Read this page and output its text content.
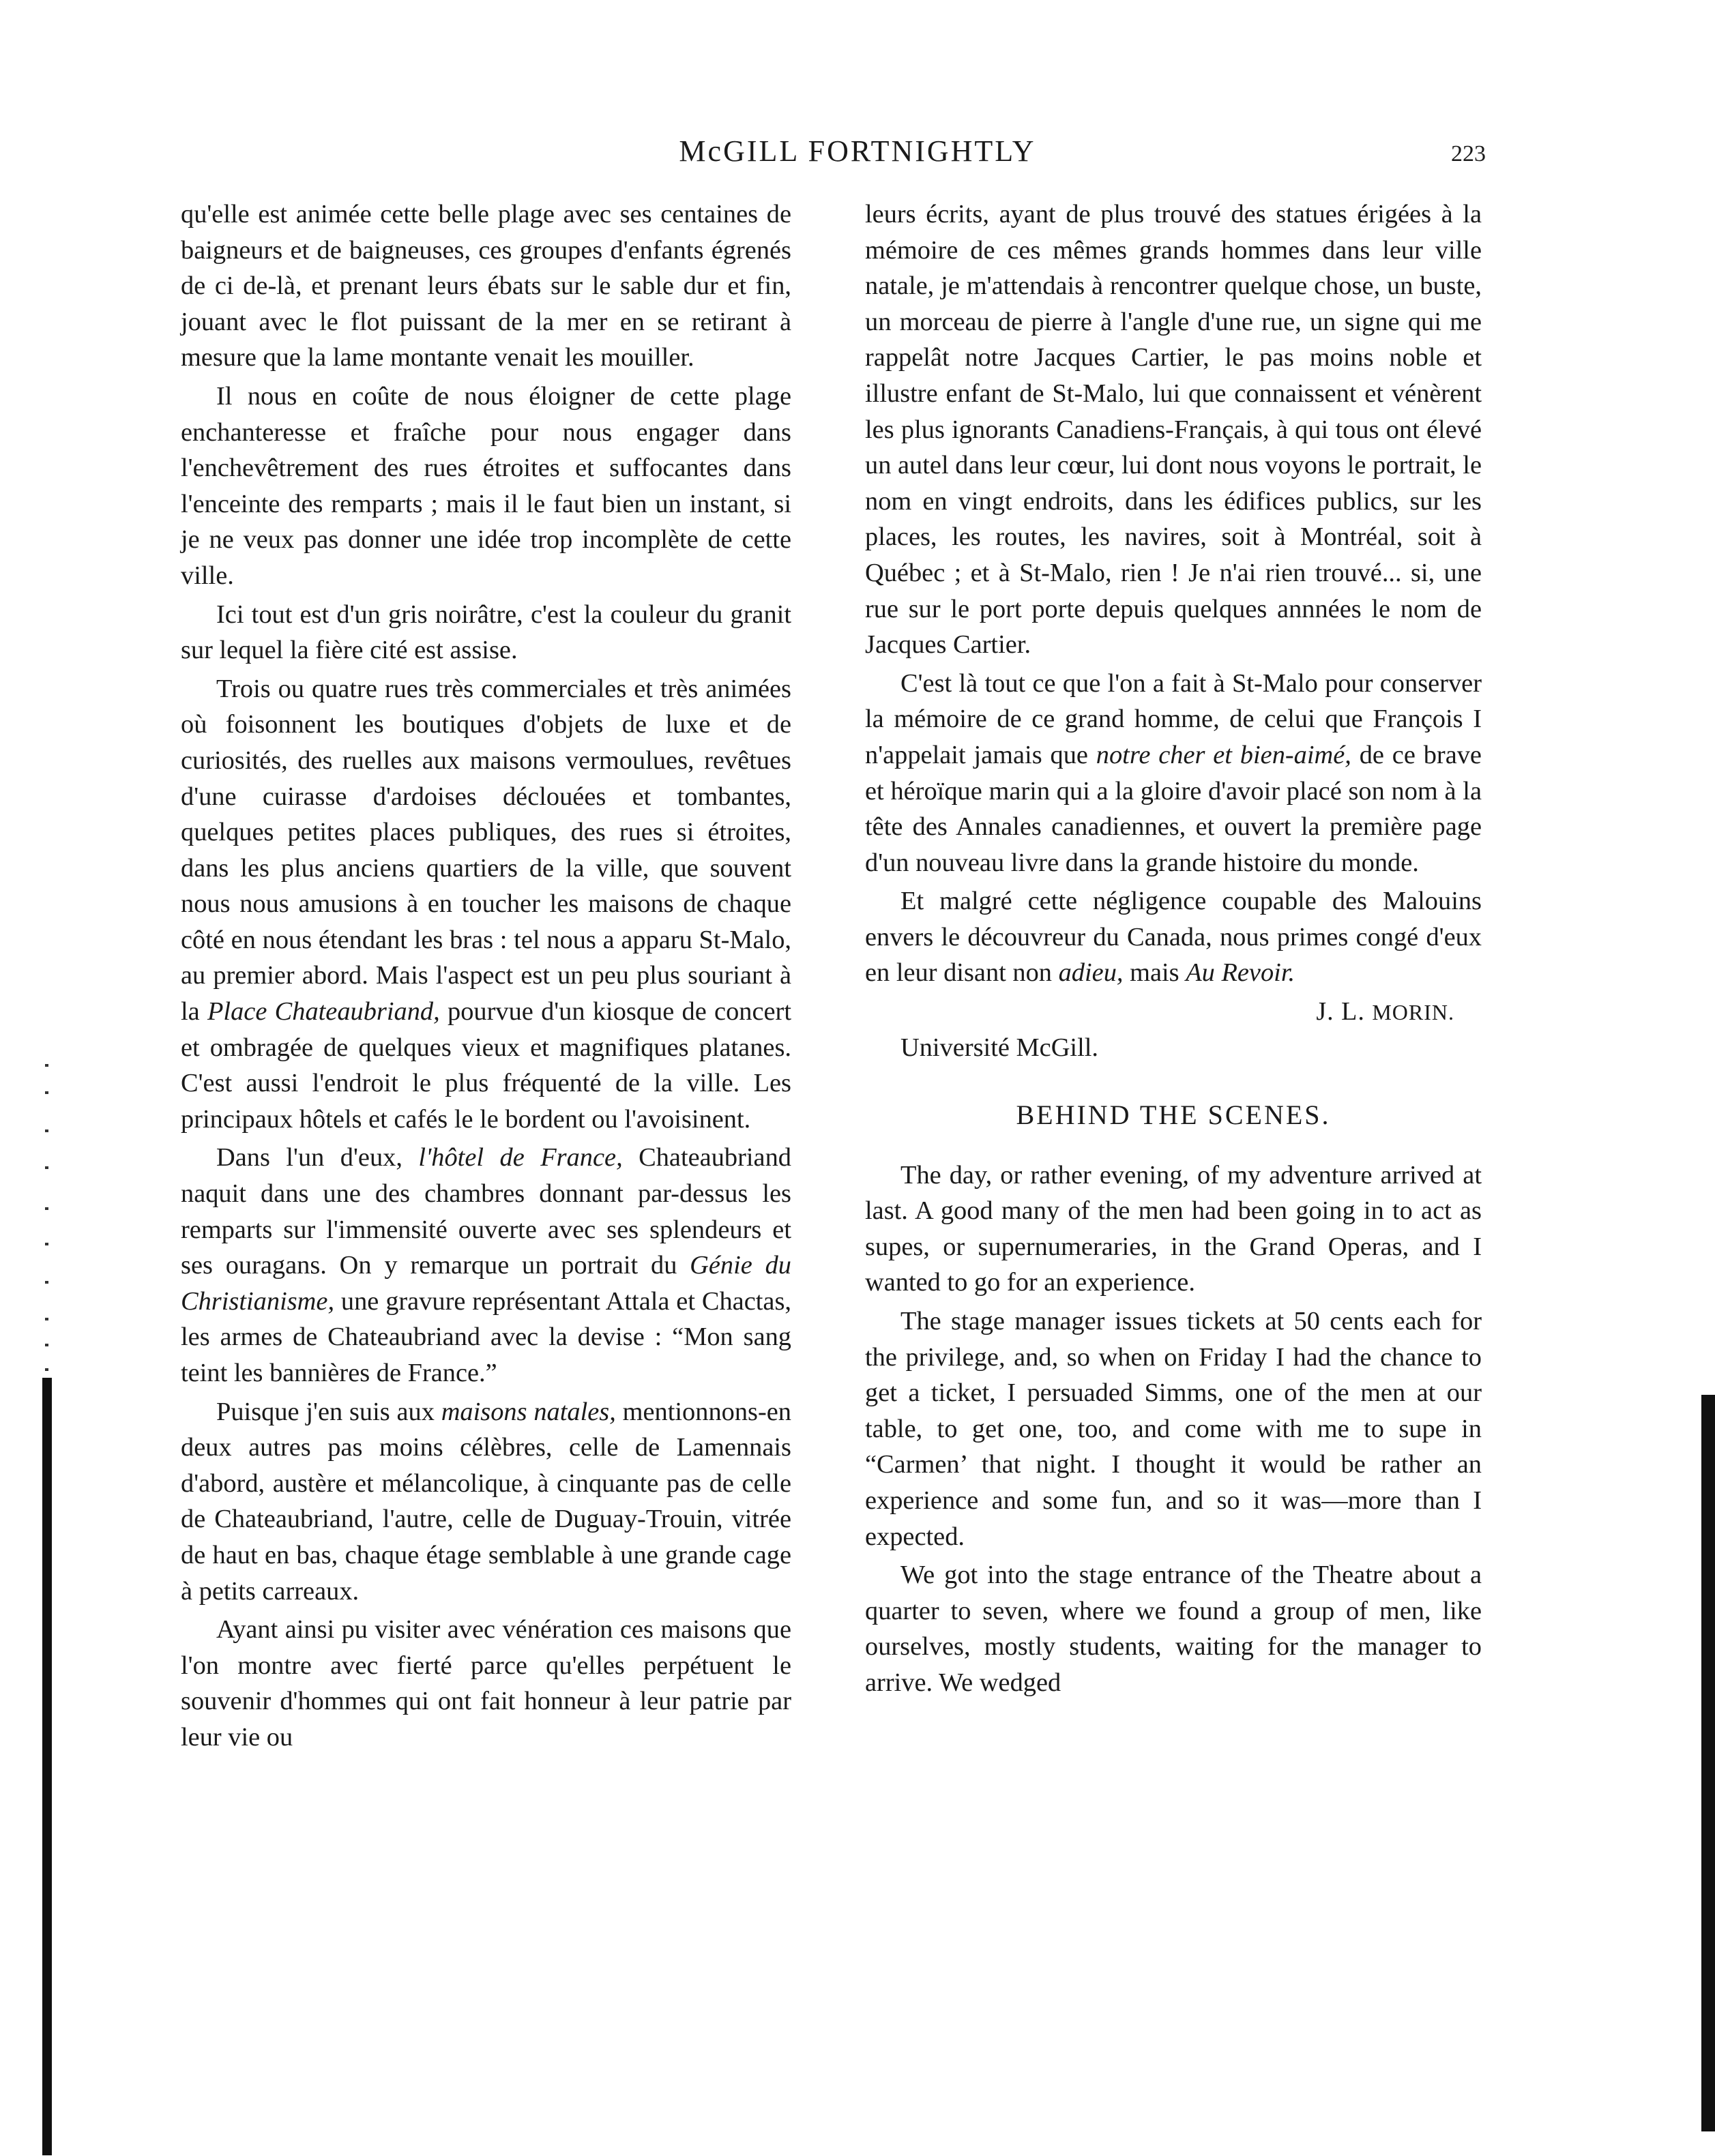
McGILL FORTNIGHTLY	223

qu'elle est animée cette belle plage avec ses centaines de baigneurs et de baigneuses, ces groupes d'enfants égrenés de ci de-là, et prenant leurs ébats sur le sable dur et fin, jouant avec le flot puissant de la mer en se retirant à mesure que la lame montante venait les mouiller.

Il nous en coûte de nous éloigner de cette plage enchanteresse et fraîche pour nous engager dans l'enchevêtrement des rues étroites et suffocantes dans l'enceinte des remparts ; mais il le faut bien un instant, si je ne veux pas donner une idée trop incomplète de cette ville.

Ici tout est d'un gris noirâtre, c'est la couleur du granit sur lequel la fière cité est assise.

Trois ou quatre rues très commerciales et très animées où foisonnent les boutiques d'objets de luxe et de curiosités, des ruelles aux maisons vermoulues, revêtues d'une cuirasse d'ardoises déclouées et tombantes, quelques petites places publiques, des rues si étroites, dans les plus anciens quartiers de la ville, que souvent nous nous amusions à en toucher les maisons de chaque côté en nous étendant les bras : tel nous a apparu St-Malo, au premier abord. Mais l'aspect est un peu plus souriant à la Place Chateaubriand, pourvue d'un kiosque de concert et ombragée de quelques vieux et magnifiques platanes. C'est aussi l'endroit le plus fréquenté de la ville. Les principaux hôtels et cafés le le bordent ou l'avoisinent.

Dans l'un d'eux, l'hôtel de France, Chateaubriand naquit dans une des chambres donnant par-dessus les remparts sur l'immensité ouverte avec ses splendeurs et ses ouragans. On y remarque un portrait du Génie du Christianisme, une gravure représentant Attala et Chactas, les armes de Chateaubriand avec la devise : “Mon sang teint les bannières de France.”

Puisque j'en suis aux maisons natales, mentionnons-en deux autres pas moins célèbres, celle de Lamennais d'abord, austère et mélancolique, à cinquante pas de celle de Chateaubriand, l'autre, celle de Duguay-Trouin, vitrée de haut en bas, chaque étage semblable à une grande cage à petits carreaux.

Ayant ainsi pu visiter avec vénération ces maisons que l'on montre avec fierté parce qu'elles perpétuent le souvenir d'hommes qui ont fait honneur à leur patrie par leur vie ou

leurs écrits, ayant de plus trouvé des statues érigées à la mémoire de ces mêmes grands hommes dans leur ville natale, je m'attendais à rencontrer quelque chose, un buste, un morceau de pierre à l'angle d'une rue, un signe qui me rappelât notre Jacques Cartier, le pas moins noble et illustre enfant de St-Malo, lui que connaissent et vénèrent les plus ignorants Canadiens-Français, à qui tous ont élevé un autel dans leur cœur, lui dont nous voyons le portrait, le nom en vingt endroits, dans les édifices publics, sur les places, les routes, les navires, soit à Montréal, soit à Québec ; et à St-Malo, rien ! Je n'ai rien trouvé... si, une rue sur le port porte depuis quelques annnées le nom de Jacques Cartier.

C'est là tout ce que l'on a fait à St-Malo pour conserver la mémoire de ce grand homme, de celui que François I n'appelait jamais que notre cher et bien-aimé, de ce brave et héroïque marin qui a la gloire d'avoir placé son nom à la tête des Annales canadiennes, et ouvert la première page d'un nouveau livre dans la grande histoire du monde.

Et malgré cette négligence coupable des Malouins envers le découvreur du Canada, nous primes congé d'eux en leur disant non adieu, mais Au Revoir.

J. L. MORIN.
Université McGill.
BEHIND THE SCENES.

The day, or rather evening, of my adventure arrived at last. A good many of the men had been going in to act as supes, or supernumeraries, in the Grand Operas, and I wanted to go for an experience.

The stage manager issues tickets at 50 cents each for the privilege, and, so when on Friday I had the chance to get a ticket, I persuaded Simms, one of the men at our table, to get one, too, and come with me to supe in “Carmen’ that night. I thought it would be rather an experience and some fun, and so it was—more than I expected.

We got into the stage entrance of the Theatre about a quarter to seven, where we found a group of men, like ourselves, mostly students, waiting for the manager to arrive. We wedged
